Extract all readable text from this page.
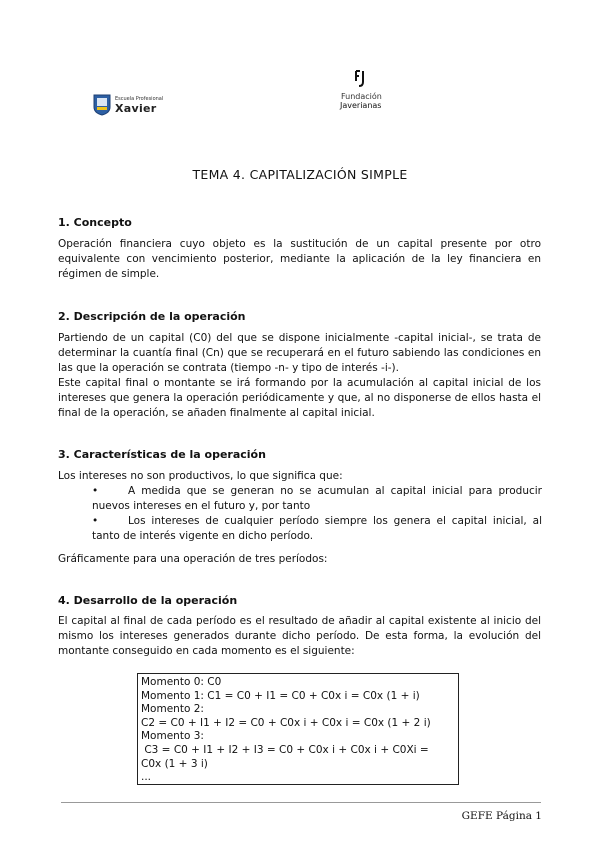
Escuela Profesional
Xavier
Fundación
Javerianas
TEMA 4. CAPITALIZACIÓN SIMPLE
1. Concepto
Operación financiera cuyo objeto es la sustitución de un capital presente por otro equivalente con vencimiento posterior, mediante la aplicación de la ley financiera en régimen de simple.
2. Descripción de la operación
Partiendo de un capital (C0) del que se dispone inicialmente -capital inicial-, se trata de determinar la cuantía final (Cn) que se recuperará en el futuro sabiendo las condiciones en las que la operación se contrata (tiempo -n- y tipo de interés -i-).
Este capital final o montante se irá formando por la acumulación al capital inicial de los intereses que genera la operación periódicamente y que, al no disponerse de ellos hasta el final de la operación, se añaden finalmente al capital inicial.
3. Características de la operación
Los intereses no son productivos, lo que significa que:
•	A medida que se generan no se acumulan al capital inicial para producir nuevos intereses en el futuro y, por tanto
•	Los intereses de cualquier período siempre los genera el capital inicial, al tanto de interés vigente en dicho período.
Gráficamente para una operación de tres períodos:
4. Desarrollo de la operación
El capital al final de cada período es el resultado de añadir al capital existente al inicio del mismo los intereses generados durante dicho período. De esta forma, la evolución del montante conseguido en cada momento es el siguiente:
Momento 0: C0
Momento 1: C1 = C0 + I1 = C0 + C0x i = C0x (1 + i)
Momento 2:
C2 = C0 + I1 + I2 = C0 + C0x i + C0x i = C0x (1 + 2 i)
Momento 3:
C3 = C0 + I1 + I2 + I3 = C0 + C0x i + C0x i + C0Xi =
C0x (1 + 3 i)
...
GEFE Página 1
